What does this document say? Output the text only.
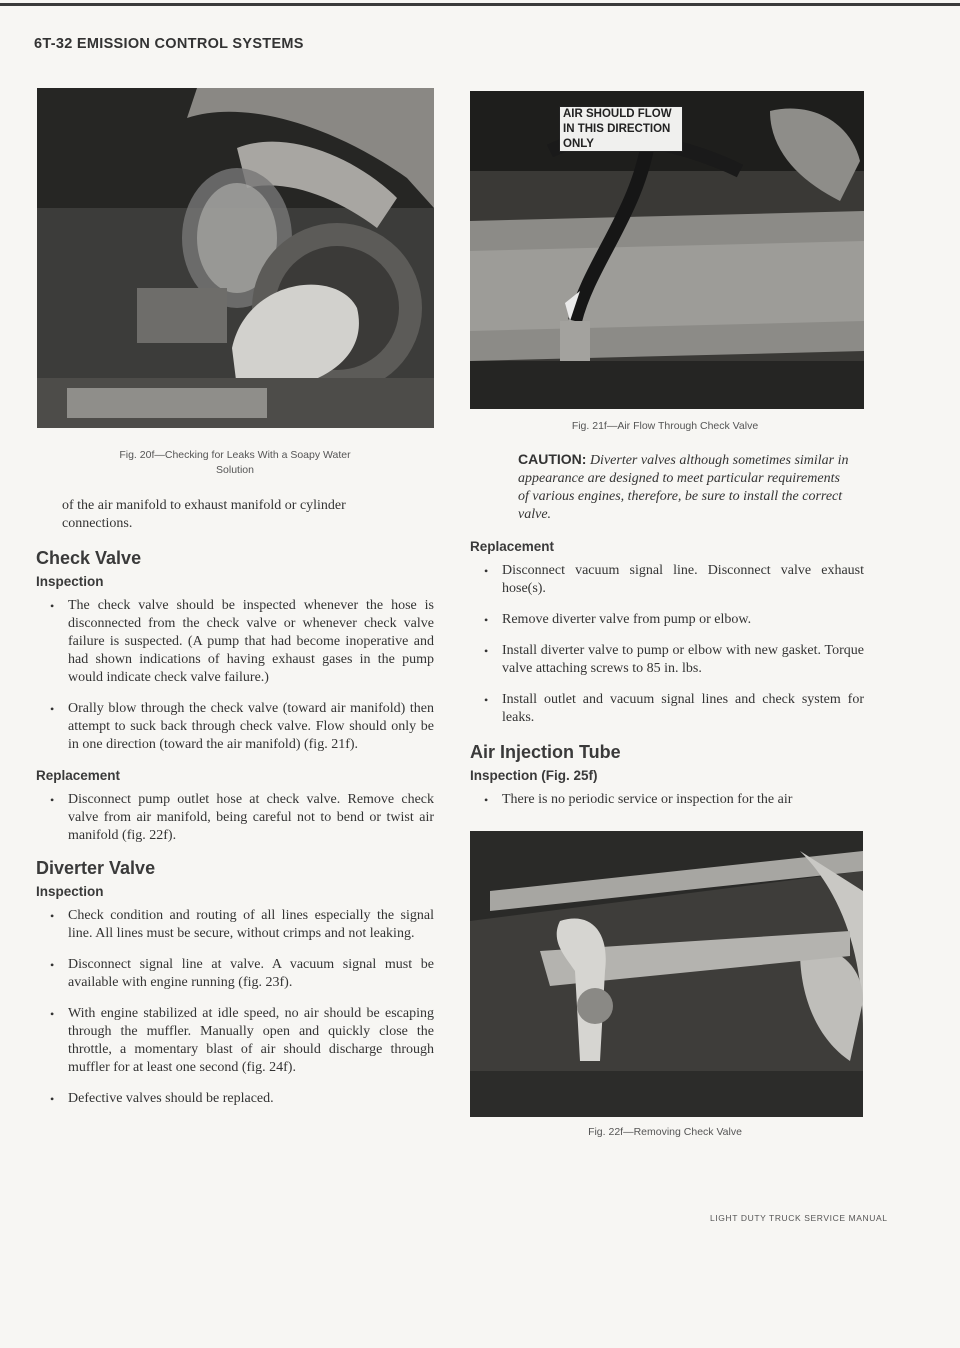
6T-32 EMISSION CONTROL SYSTEMS
Fig. 20f—Checking for Leaks With a Soapy Water
Solution
AIR SHOULD FLOW
IN THIS DIRECTION
ONLY
Fig. 21f—Air Flow Through Check Valve
Fig. 22f—Removing Check Valve

of the air manifold to exhaust manifold or cylinder connections.

Check Valve
Inspection
• The check valve should be inspected whenever the hose is disconnected from the check valve or whenever check valve failure is suspected. (A pump that had become inoperative and had shown indications of having exhaust gases in the pump would indicate check valve failure.)
• Orally blow through the check valve (toward air manifold) then attempt to suck back through check valve. Flow should only be in one direction (toward the air manifold) (fig. 21f).
Replacement
• Disconnect pump outlet hose at check valve. Remove check valve from air manifold, being careful not to bend or twist air manifold (fig. 22f).
Diverter Valve
Inspection
• Check condition and routing of all lines especially the signal line. All lines must be secure, without crimps and not leaking.
• Disconnect signal line at valve. A vacuum signal must be available with engine running (fig. 23f).
• With engine stabilized at idle speed, no air should be escaping through the muffler. Manually open and quickly close the throttle, a momentary blast of air should discharge through muffler for at least one second (fig. 24f).
• Defective valves should be replaced.
CAUTION: Diverter valves although sometimes similar in appearance are designed to meet particular requirements of various engines, therefore, be sure to install the correct valve.
Replacement
• Disconnect vacuum signal line. Disconnect valve exhaust hose(s).
• Remove diverter valve from pump or elbow.
• Install diverter valve to pump or elbow with new gasket. Torque valve attaching screws to 85 in. lbs.
• Install outlet and vacuum signal lines and check system for leaks.
Air Injection Tube
Inspection (Fig. 25f)
• There is no periodic service or inspection for the air
LIGHT DUTY TRUCK SERVICE MANUAL
